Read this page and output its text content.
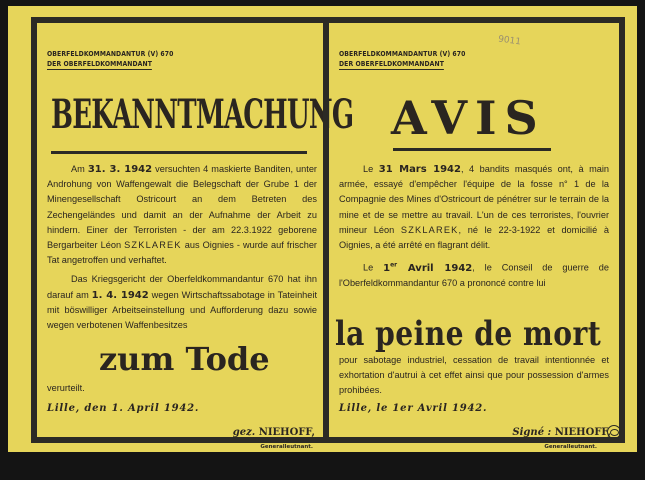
9011
OBERFELDKOMMANDANTUR (V) 670
DER OBERFELDKOMMANDANT
BEKANNTMACHUNG

Am 31. 3. 1942 versuchten 4 maskierte Banditen, unter Androhung von Waffengewalt die Belegschaft der Grube 1 der Minengesellschaft Ostricourt an dem Betreten des Zechengeländes und damit an der Aufnahme der Arbeit zu hindern. Einer der Terroristen - der am 22.3.1922 geborene Bergarbeiter Léon SZKLAREK aus Oignies - wurde auf frischer Tat angetroffen und verhaftet.

Das Kriegsgericht der Oberfeldkommandantur 670 hat ihn darauf am 1. 4. 1942 wegen Wirtschaftssabotage in Tateinheit mit böswilliger Arbeitseinstellung und Aufforderung dazu sowie wegen verbotenen Waffenbesitzes

zum Tode

verurteilt.

Lille, den 1. April 1942.
gez. NIEHOFF,
Generalleutnant.
OBERFELDKOMMANDANTUR (V) 670
DER OBERFELDKOMMANDANT
AVIS

Le 31 Mars 1942, 4 bandits masqués ont, à main armée, essayé d'empêcher l'équipe de la fosse n° 1 de la Compagnie des Mines d'Ostricourt de pénétrer sur le terrain de la mine et de se mettre au travail. L'un de ces terroristes, l'ouvrier mineur Léon SZKLAREK, né le 22-3-1922 et domicilié à Oignies, a été arrêté en flagrant délit.

Le 1er Avril 1942, le Conseil de guerre de l'Oberfeldkommandantur 670 a prononcé contre lui

la peine de mort

pour sabotage industriel, cessation de travail intentionnée et exhortation d'autrui à cet effet ainsi que pour possession d'armes prohibées.

Lille, le 1er Avril 1942.
Signé : NIEHOFF,
Generalleutnant.
